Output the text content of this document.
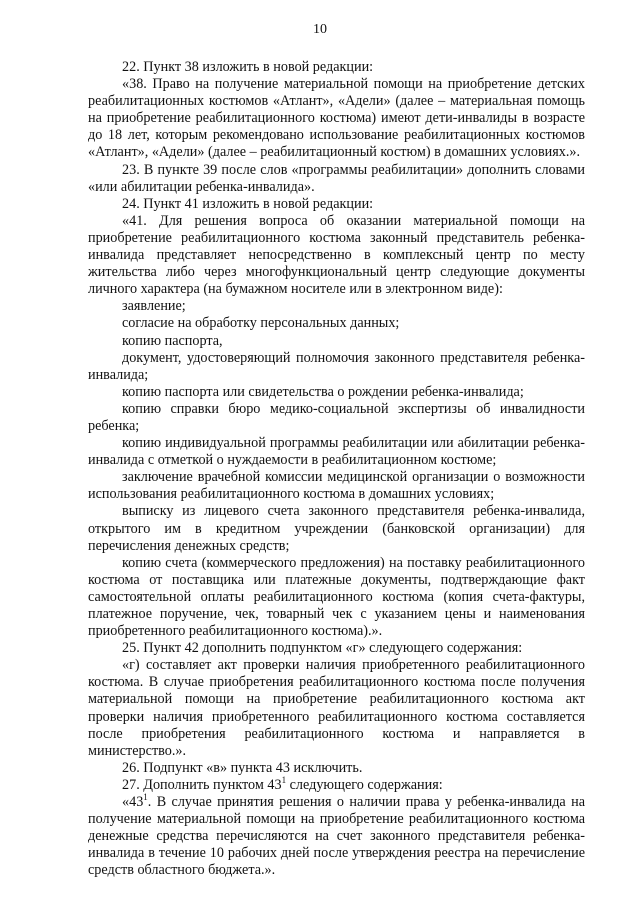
10

22. Пункт 38 изложить в новой редакции:

«38. Право на получение материальной помощи на приобретение детских реабилитационных костюмов «Атлант», «Адели» (далее – материальная помощь на приобретение реабилитационного костюма) имеют дети-инвалиды в возрасте до 18 лет, которым рекомендовано использование реабилитационных костюмов «Атлант», «Адели» (далее – реабилитационный костюм) в домашних условиях.».

23. В пункте 39 после слов «программы реабилитации» дополнить словами «или абилитации ребенка-инвалида».

24. Пункт 41 изложить в новой редакции:

«41. Для решения вопроса об оказании материальной помощи на приобретение реабилитационного костюма законный представитель ребенка-инвалида представляет непосредственно в комплексный центр по месту жительства либо через многофункциональный центр следующие документы личного характера (на бумажном носителе или в электронном виде):

заявление;

согласие на обработку персональных данных;

копию паспорта,

документ, удостоверяющий полномочия законного представителя ребенка-инвалида;

копию паспорта или свидетельства о рождении ребенка-инвалида;

копию справки бюро медико-социальной экспертизы об инвалидности ребенка;

копию индивидуальной программы реабилитации или абилитации ребенка-инвалида с отметкой о нуждаемости в реабилитационном костюме;

заключение врачебной комиссии медицинской организации о возможности использования реабилитационного костюма в домашних условиях;

выписку из лицевого счета законного представителя ребенка-инвалида, открытого им в кредитном учреждении (банковской организации) для перечисления денежных средств;

копию счета (коммерческого предложения) на поставку реабилитационного костюма от поставщика или платежные документы, подтверждающие факт самостоятельной оплаты реабилитационного костюма (копия счета-фактуры, платежное поручение, чек, товарный чек с указанием цены и наименования приобретенного реабилитационного костюма).».

25. Пункт 42 дополнить подпунктом «г» следующего содержания:

«г) составляет акт проверки наличия приобретенного реабилитационного костюма. В случае приобретения реабилитационного костюма после получения материальной помощи на приобретение реабилитационного костюма акт проверки наличия приобретенного реабилитационного костюма составляется после приобретения реабилитационного костюма и направляется в министерство.».

26. Подпункт «в» пункта 43 исключить.

27. Дополнить пунктом $43^1$ следующего содержания:

«$43^1$. В случае принятия решения о наличии права у ребенка-инвалида на получение материальной помощи на приобретение реабилитационного костюма денежные средства перечисляются на счет законного представителя ребенка-инвалида в течение 10 рабочих дней после утверждения реестра на перечисление средств областного бюджета.».
